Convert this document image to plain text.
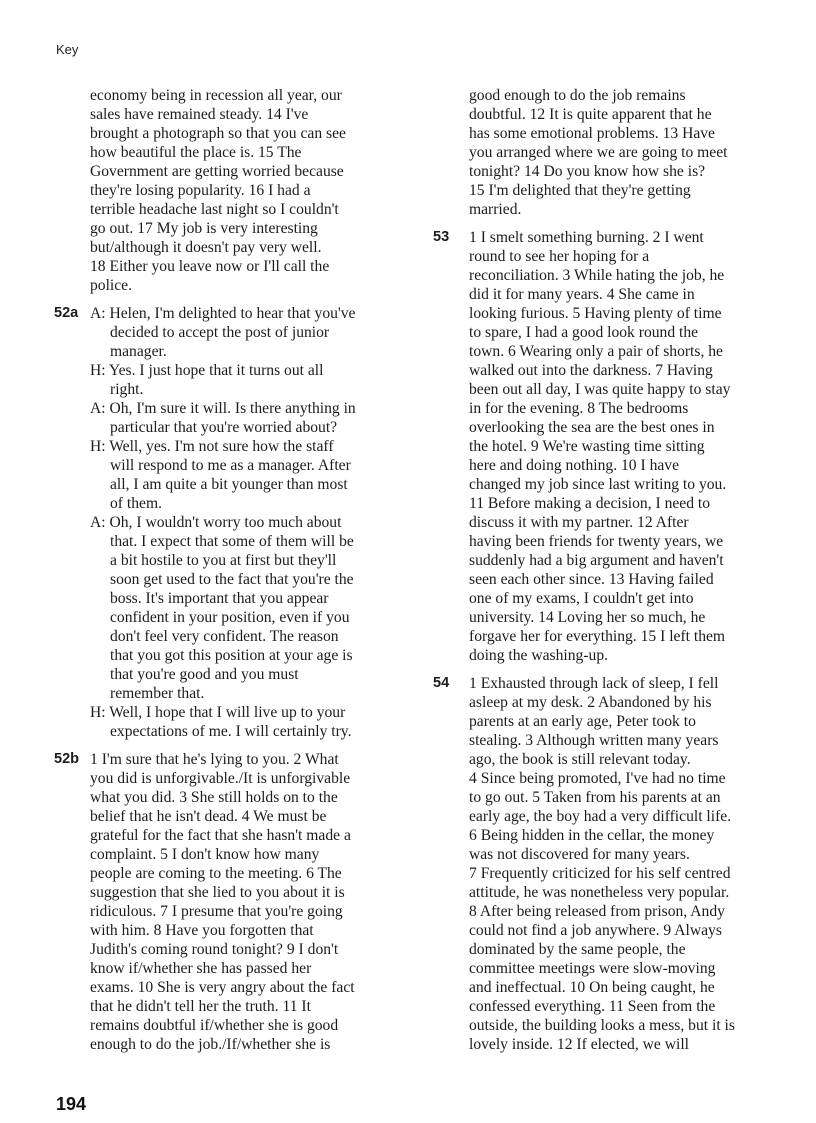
Key
economy being in recession all year, our
sales have remained steady. 14 I've
brought a photograph so that you can see
how beautiful the place is. 15 The
Government are getting worried because
they're losing popularity. 16 I had a
terrible headache last night so I couldn't
go out. 17 My job is very interesting
but/although it doesn't pay very well.
18 Either you leave now or I'll call the
police.
52a A: Helen, I'm delighted to hear that you've
decided to accept the post of junior
manager.
H: Yes. I just hope that it turns out all
right.
A: Oh, I'm sure it will. Is there anything in
particular that you're worried about?
H: Well, yes. I'm not sure how the staff
will respond to me as a manager. After
all, I am quite a bit younger than most
of them.
A: Oh, I wouldn't worry too much about
that. I expect that some of them will be
a bit hostile to you at first but they'll
soon get used to the fact that you're the
boss. It's important that you appear
confident in your position, even if you
don't feel very confident. The reason
that you got this position at your age is
that you're good and you must
remember that.
H: Well, I hope that I will live up to your
expectations of me. I will certainly try.
52b 1 I'm sure that he's lying to you. 2 What
you did is unforgivable./It is unforgivable
what you did. 3 She still holds on to the
belief that he isn't dead. 4 We must be
grateful for the fact that she hasn't made a
complaint. 5 I don't know how many
people are coming to the meeting. 6 The
suggestion that she lied to you about it is
ridiculous. 7 I presume that you're going
with him. 8 Have you forgotten that
Judith's coming round tonight? 9 I don't
know if/whether she has passed her
exams. 10 She is very angry about the fact
that he didn't tell her the truth. 11 It
remains doubtful if/whether she is good
enough to do the job./If/whether she is
good enough to do the job remains
doubtful. 12 It is quite apparent that he
has some emotional problems. 13 Have
you arranged where we are going to meet
tonight? 14 Do you know how she is?
15 I'm delighted that they're getting
married.
53 1 I smelt something burning. 2 I went
round to see her hoping for a
reconciliation. 3 While hating the job, he
did it for many years. 4 She came in
looking furious. 5 Having plenty of time
to spare, I had a good look round the
town. 6 Wearing only a pair of shorts, he
walked out into the darkness. 7 Having
been out all day, I was quite happy to stay
in for the evening. 8 The bedrooms
overlooking the sea are the best ones in
the hotel. 9 We're wasting time sitting
here and doing nothing. 10 I have
changed my job since last writing to you.
11 Before making a decision, I need to
discuss it with my partner. 12 After
having been friends for twenty years, we
suddenly had a big argument and haven't
seen each other since. 13 Having failed
one of my exams, I couldn't get into
university. 14 Loving her so much, he
forgave her for everything. 15 I left them
doing the washing-up.
54 1 Exhausted through lack of sleep, I fell
asleep at my desk. 2 Abandoned by his
parents at an early age, Peter took to
stealing. 3 Although written many years
ago, the book is still relevant today.
4 Since being promoted, I've had no time
to go out. 5 Taken from his parents at an
early age, the boy had a very difficult life.
6 Being hidden in the cellar, the money
was not discovered for many years.
7 Frequently criticized for his self centred
attitude, he was nonetheless very popular.
8 After being released from prison, Andy
could not find a job anywhere. 9 Always
dominated by the same people, the
committee meetings were slow-moving
and ineffectual. 10 On being caught, he
confessed everything. 11 Seen from the
outside, the building looks a mess, but it is
lovely inside. 12 If elected, we will
194
